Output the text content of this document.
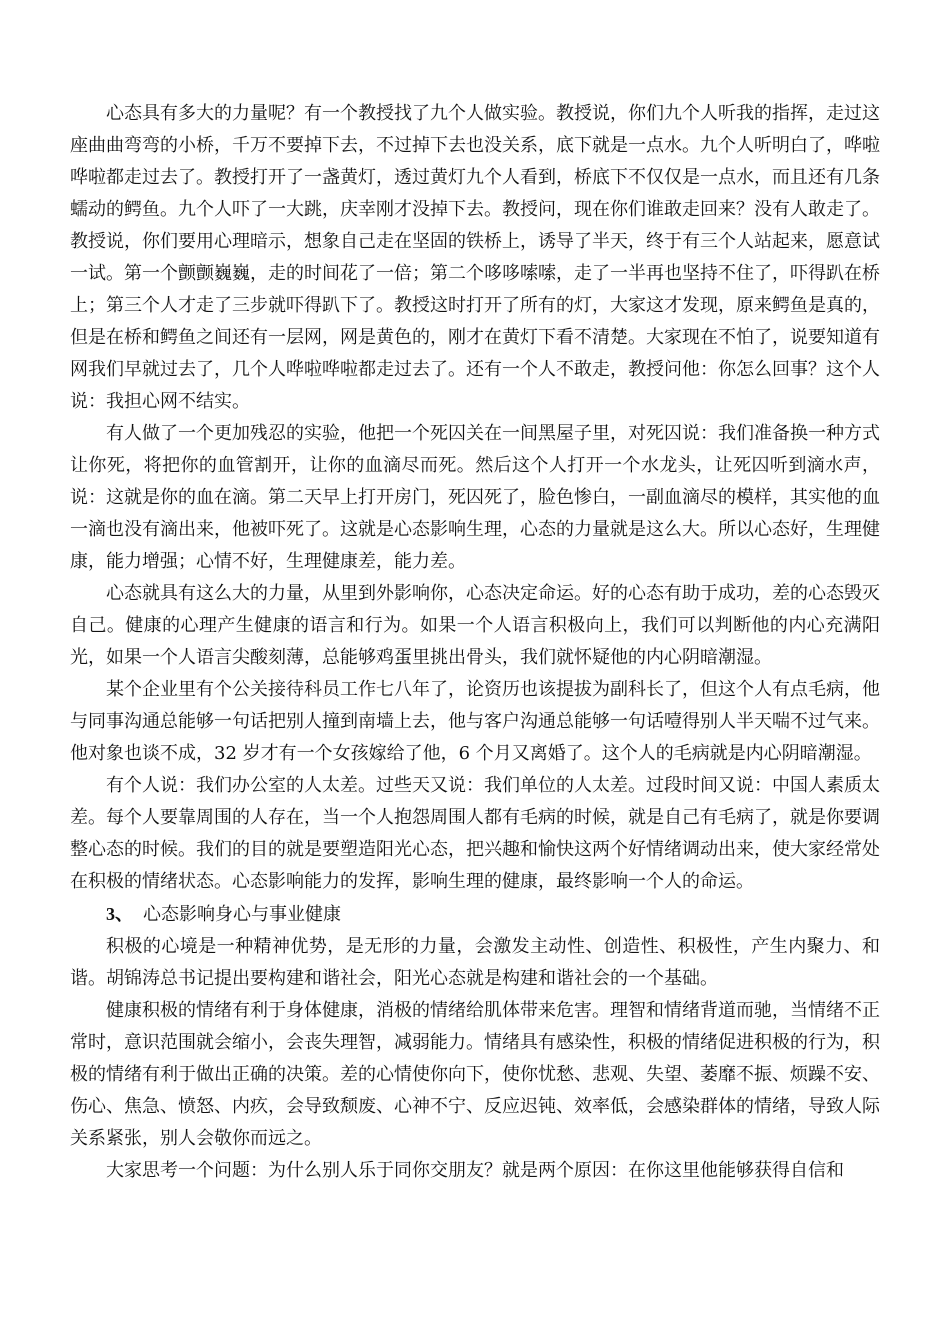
心态具有多大的力量呢？有一个教授找了九个人做实验。教授说，你们九个人听我的指挥，走过这座曲曲弯弯的小桥，千万不要掉下去，不过掉下去也没关系，底下就是一点水。九个人听明白了，哗啦哗啦都走过去了。教授打开了一盏黄灯，透过黄灯九个人看到，桥底下不仅仅是一点水，而且还有几条蠕动的鳄鱼。九个人吓了一大跳，庆幸刚才没掉下去。教授问，现在你们谁敢走回来？没有人敢走了。教授说，你们要用心理暗示，想象自己走在坚固的铁桥上，诱导了半天，终于有三个人站起来，愿意试一试。第一个颤颤巍巍，走的时间花了一倍；第二个哆哆嗦嗦，走了一半再也坚持不住了，吓得趴在桥上；第三个人才走了三步就吓得趴下了。教授这时打开了所有的灯，大家这才发现，原来鳄鱼是真的，但是在桥和鳄鱼之间还有一层网，网是黄色的，刚才在黄灯下看不清楚。大家现在不怕了，说要知道有网我们早就过去了，几个人哗啦哗啦都走过去了。还有一个人不敢走，教授问他：你怎么回事？这个人说：我担心网不结实。

有人做了一个更加残忍的实验，他把一个死囚关在一间黑屋子里，对死囚说：我们准备换一种方式让你死，将把你的血管割开，让你的血滴尽而死。然后这个人打开一个水龙头，让死囚听到滴水声，说：这就是你的血在滴。第二天早上打开房门，死囚死了，脸色惨白，一副血滴尽的模样，其实他的血一滴也没有滴出来，他被吓死了。这就是心态影响生理，心态的力量就是这么大。所以心态好，生理健康，能力增强；心情不好，生理健康差，能力差。

心态就具有这么大的力量，从里到外影响你，心态决定命运。好的心态有助于成功，差的心态毁灭自己。健康的心理产生健康的语言和行为。如果一个人语言积极向上，我们可以判断他的内心充满阳光，如果一个人语言尖酸刻薄，总能够鸡蛋里挑出骨头，我们就怀疑他的内心阴暗潮湿。

某个企业里有个公关接待科员工作七八年了，论资历也该提拔为副科长了，但这个人有点毛病，他与同事沟通总能够一句话把别人撞到南墙上去，他与客户沟通总能够一句话噎得别人半天喘不过气来。他对象也谈不成，32 岁才有一个女孩嫁给了他，6 个月又离婚了。这个人的毛病就是内心阴暗潮湿。

有个人说：我们办公室的人太差。过些天又说：我们单位的人太差。过段时间又说：中国人素质太差。每个人要靠周围的人存在，当一个人抱怨周围人都有毛病的时候，就是自己有毛病了，就是你要调整心态的时候。我们的目的就是要塑造阳光心态，把兴趣和愉快这两个好情绪调动出来，使大家经常处在积极的情绪状态。心态影响能力的发挥，影响生理的健康，最终影响一个人的命运。

3、 心态影响身心与事业健康

积极的心境是一种精神优势，是无形的力量，会激发主动性、创造性、积极性，产生内聚力、和谐。胡锦涛总书记提出要构建和谐社会，阳光心态就是构建和谐社会的一个基础。

健康积极的情绪有利于身体健康，消极的情绪给肌体带来危害。理智和情绪背道而驰，当情绪不正常时，意识范围就会缩小，会丧失理智，减弱能力。情绪具有感染性，积极的情绪促进积极的行为，积极的情绪有利于做出正确的决策。差的心情使你向下，使你忧愁、悲观、失望、萎靡不振、烦躁不安、伤心、焦急、愤怒、内疚，会导致颓废、心神不宁、反应迟钝、效率低，会感染群体的情绪，导致人际关系紧张，别人会敬你而远之。

大家思考一个问题：为什么别人乐于同你交朋友？就是两个原因：在你这里他能够获得自信和
